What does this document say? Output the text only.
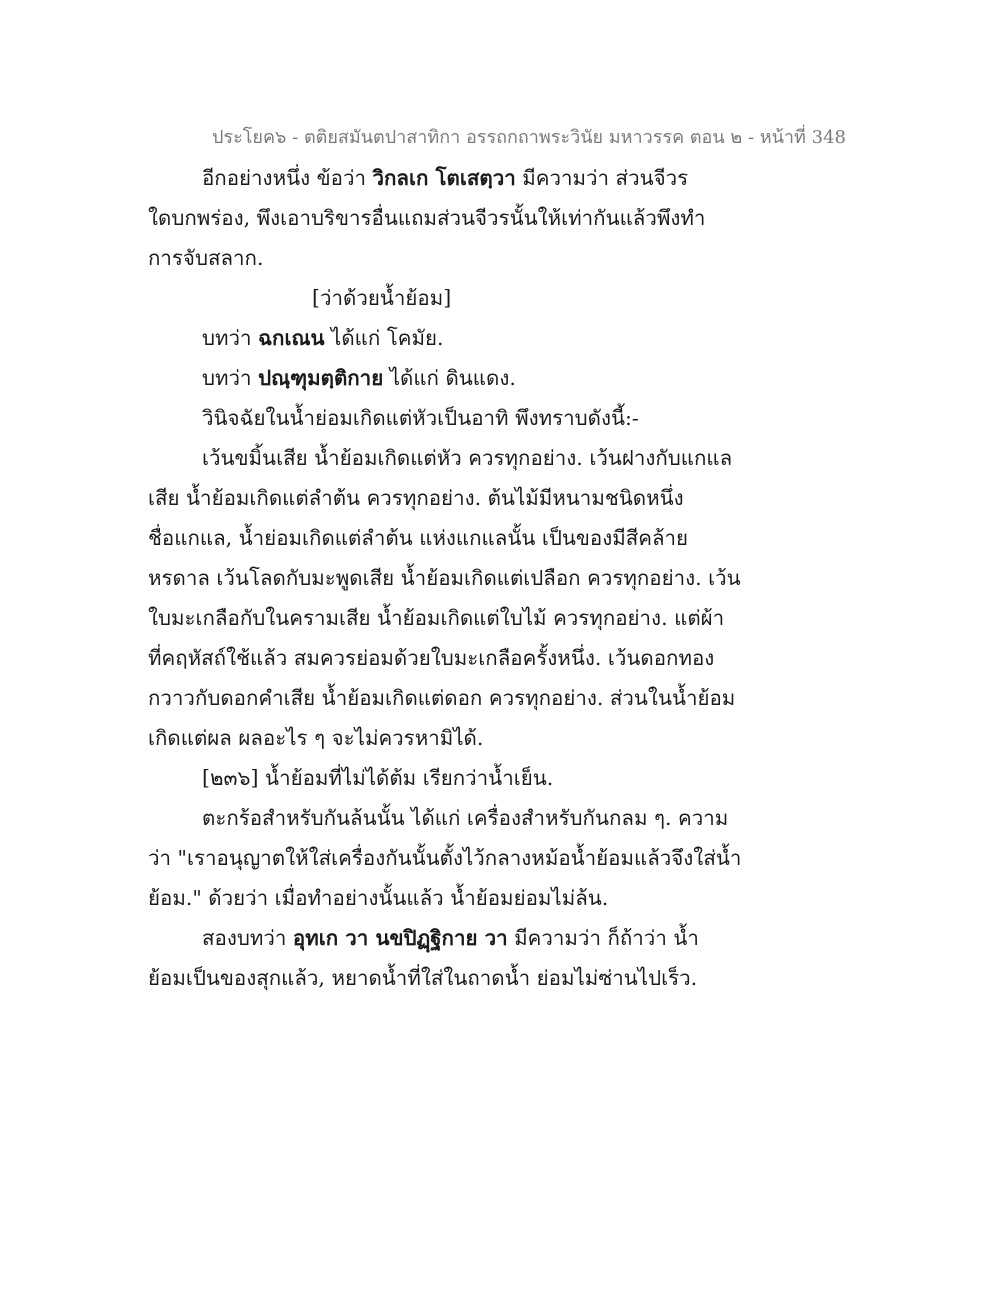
ประโยค๖ - ตติยสมันตปาสาทิกา อรรถกถาพระวินัย มหาวรรค ตอน ๒ - หน้าที่ 348
อีกอย่างหนึ่ง ข้อว่า วิกลเก โตเสตฺวา มีความว่า ส่วนจีวร
ใดบกพร่อง, พึงเอาบริขารอื่นแถมส่วนจีวรนั้นให้เท่ากันแล้วพึงทำ
การจับสลาก.
[ว่าด้วยน้ำย้อม]
บทว่า ฉกเณน ได้แก่ โคมัย.
บทว่า ปณฺฑุมตฺติกาย ได้แก่ ดินแดง.
วินิจฉัยในน้ำย่อมเกิดแต่หัวเป็นอาทิ พึงทราบดังนี้:-
เว้นขมิ้นเสีย น้ำย้อมเกิดแต่หัว ควรทุกอย่าง. เว้นฝางกับแกแล
เสีย น้ำย้อมเกิดแต่ลำต้น ควรทุกอย่าง. ต้นไม้มีหนามชนิดหนึ่ง
ชื่อแกแล, น้ำย่อมเกิดแต่ลำต้น แห่งแกแลนั้น เป็นของมีสีคล้าย
หรดาล เว้นโลดกับมะพูดเสีย น้ำย้อมเกิดแต่เปลือก ควรทุกอย่าง. เว้น
ใบมะเกลือกับในครามเสีย น้ำย้อมเกิดแต่ใบไม้ ควรทุกอย่าง. แต่ผ้า
ที่คฤหัสถ์ใช้แล้ว สมควรย่อมด้วยใบมะเกลือครั้งหนึ่ง. เว้นดอกทอง
กวาวกับดอกคำเสีย น้ำย้อมเกิดแต่ดอก ควรทุกอย่าง. ส่วนในน้ำย้อม
เกิดแต่ผล ผลอะไร ๆ จะไม่ควรหามิได้.
[๒๓๖] น้ำย้อมที่ไม่ได้ต้ม เรียกว่าน้ำเย็น.
ตะกร้อสำหรับกันล้นนั้น ได้แก่ เครื่องสำหรับกันกลม ๆ. ความ
ว่า "เราอนุญาตให้ใส่เครื่องกันนั้นตั้งไว้กลางหม้อน้ำย้อมแล้วจึงใส่น้ำ
ย้อม." ด้วยว่า เมื่อทำอย่างนั้นแล้ว น้ำย้อมย่อมไม่ล้น.
สองบทว่า อุทเก วา นขปิฏฺฐิกาย วา มีความว่า ก็ถ้าว่า น้ำ
ย้อมเป็นของสุกแล้ว, หยาดน้ำที่ใส่ในถาดน้ำ ย่อมไม่ซ่านไปเร็ว.
